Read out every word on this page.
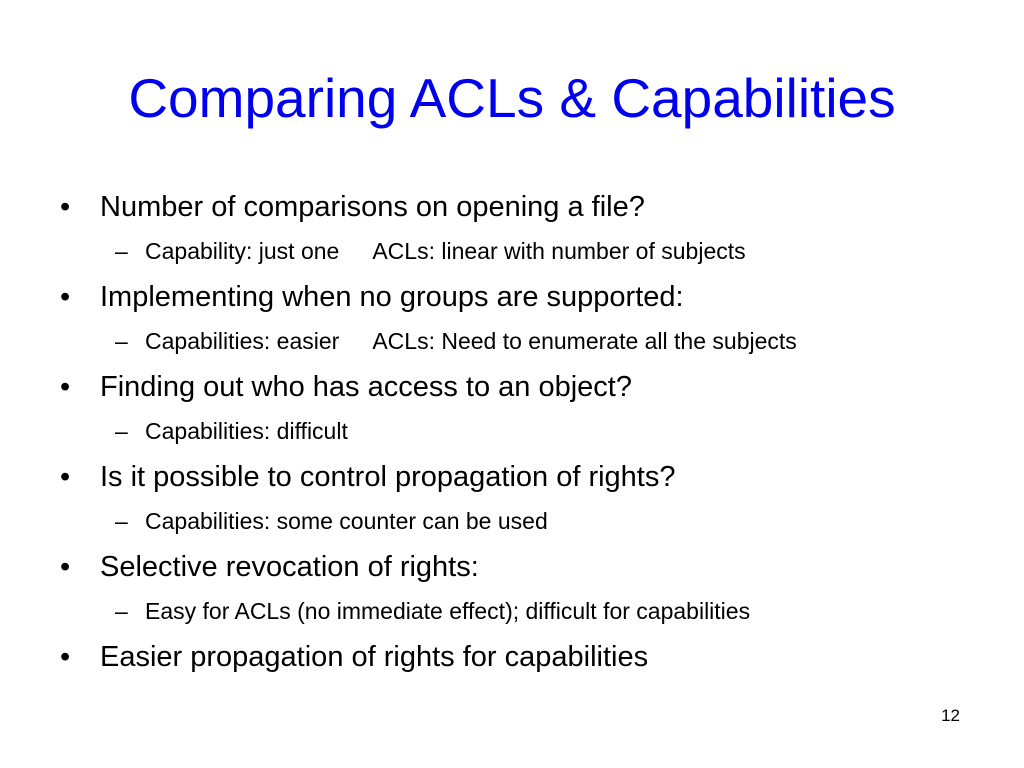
Comparing ACLs & Capabilities
• Number of comparisons on opening a file?
– Capability: just one ACLs: linear with number of subjects
• Implementing when no groups are supported:
– Capabilities: easier ACLs: Need to enumerate all the subjects
• Finding out who has access to an object?
– Capabilities: difficult
• Is it possible to control propagation of rights?
– Capabilities: some counter can be used
• Selective revocation of rights:
– Easy for ACLs (no immediate effect); difficult for capabilities
• Easier propagation of rights for capabilities
12
